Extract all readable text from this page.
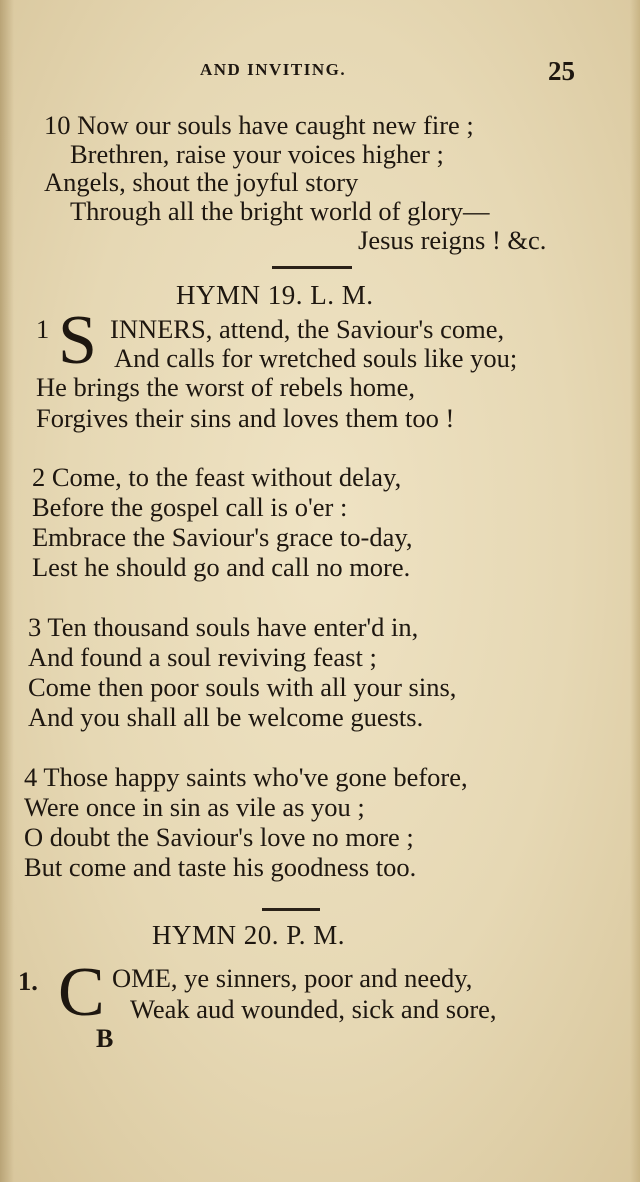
AND INVITING.	25
10 Now our souls have caught new fire ;
Brethren, raise your voices higher ;
Angels, shout the joyful story
Through all the bright world of glory—
Jesus reigns ! &c.
HYMN 19. L. M.
1 S INNERS, attend, the Saviour's come,
And calls for wretched souls like you;
He brings the worst of rebels home,
Forgives their sins and loves them too !
2 Come, to the feast without delay,
Before the gospel call is o'er :
Embrace the Saviour's grace to-day,
Lest he should go and call no more.
3 Ten thousand souls have enter'd in,
And found a soul reviving feast ;
Come then poor souls with all your sins,
And you shall all be welcome guests.
4 Those happy saints who've gone before,
Were once in sin as vile as you ;
O doubt the Saviour's love no more ;
But come and taste his goodness too.
HYMN 20. P. M.
1. C OME, ye sinners, poor and needy,
Weak aud wounded, sick and sore,
B
